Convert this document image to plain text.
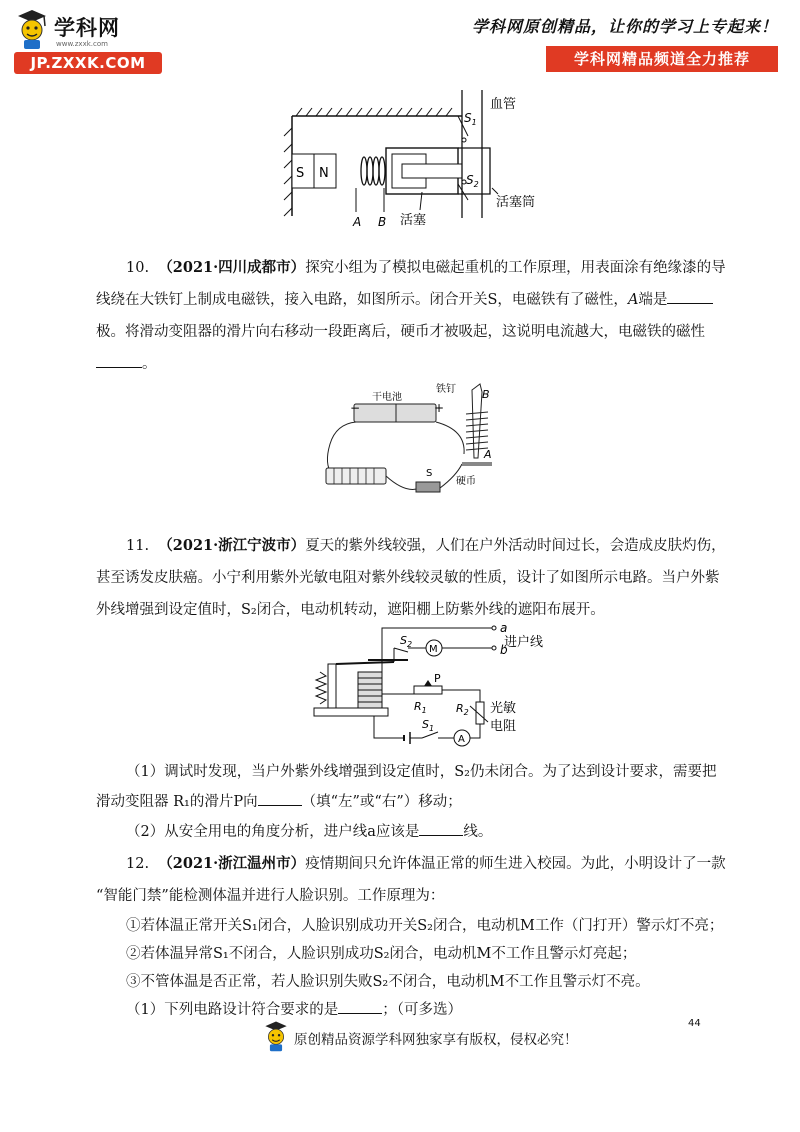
学科网
www.zxxk.com
JP.ZXXK.COM
学科网原创精品，让你的学习上专起来！
学科网精品频道全力推荐
S N
A B 活塞
$S_1$
$S_2$
血管
活塞筒
10. （2021·四川成都市）探究小组为了模拟电磁起重机的工作原理，用表面涂有绝缘漆的导
线绕在大铁钉上制成电磁铁，接入电路，如图所示。闭合开关S，电磁铁有了磁性，A端是
极。将滑动变阻器的滑片向右移动一段距离后，硬币才被吸起，这说明电流越大，电磁铁的磁性
。
干电池
−	+
S
铁钉 B
A
硬币
11. （2021·浙江宁波市）夏天的紫外线较强，人们在户外活动时间过长，会造成皮肤灼伤，
甚至诱发皮肤癌。小宁利用紫外光敏电阻对紫外线较灵敏的性质，设计了如图所示电路。当户外紫
外线增强到设定值时，S₂闭合，电动机转动，遮阳棚上防紫外线的遮阳布展开。
a
b
进户线
$S_2$ M
P
$R_1$	$R_2$ 光敏
电阻
A
$S_1$
（1）调试时发现，当户外紫外线增强到设定值时，S₂仍未闭合。为了达到设计要求，需要把
滑动变阻器 R₁的滑片P向	（填“左”或“右”）移动；
（2）从安全用电的角度分析，进户线a应该是	线。
12. （2021·浙江温州市）疫情期间只允许体温正常的师生进入校园。为此，小明设计了一款
“智能门禁”能检测体温并进行人脸识别。工作原理为：
①若体温正常开关S₁闭合，人脸识别成功开关S₂闭合，电动机M工作（门打开）警示灯不亮；
②若体温异常S₁不闭合，人脸识别成功S₂闭合，电动机M不工作且警示灯亮起；
③不管体温是否正常，若人脸识别失败S₂不闭合，电动机M不工作且警示灯不亮。
（1）下列电路设计符合要求的是	；（可多选）
44
原创精品资源学科网独家享有版权，侵权必究！
